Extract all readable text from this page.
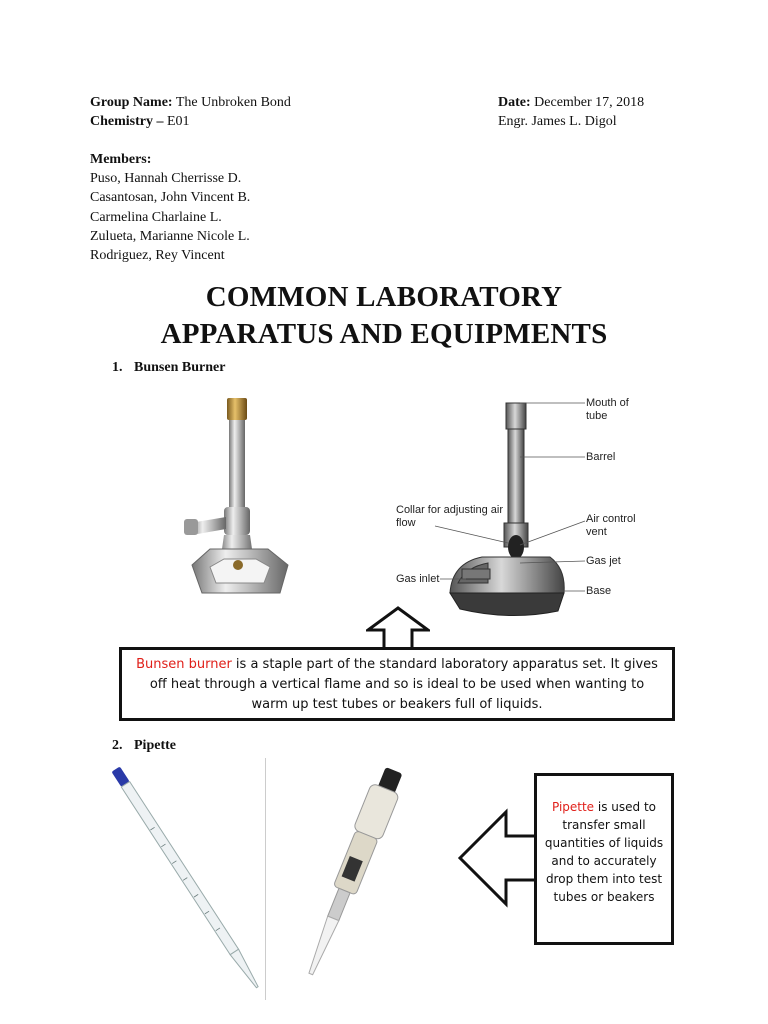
Group Name: The Unbroken Bond
Chemistry – E01
Date: December 17, 2018
Engr. James L. Digol
Members:
Puso, Hannah Cherrisse D.
Casantosan, John Vincent B.
Carmelina Charlaine L.
Zulueta, Marianne Nicole L.
Rodriguez, Rey Vincent
COMMON LABORATORY
APPARATUS AND EQUIPMENTS
1. Bunsen Burner
Mouth of tube
Barrel
Collar for adjusting air flow	Air control vent
Gas jet
Gas inlet
Base
Bunsen burner is a staple part of the standard laboratory apparatus set. It gives off heat through a vertical flame and so is ideal to be used when wanting to warm up test tubes or beakers full of liquids.
2. Pipette
Pipette is used to transfer small quantities of liquids and to accurately drop them into test tubes or beakers
